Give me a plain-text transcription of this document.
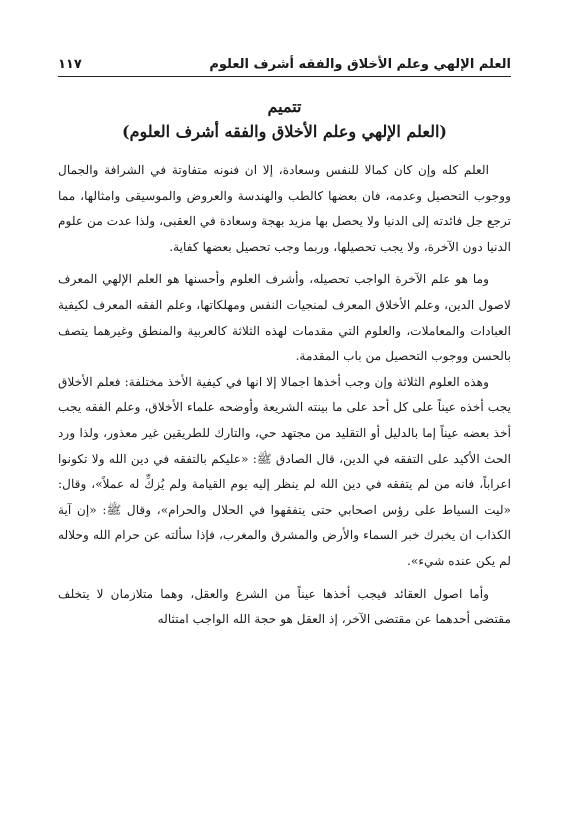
العلم الإلهي وعلم الأخلاق والفقه أشرف العلوم
١١٧
تتميم
(العلم الإلهي وعلم الأخلاق والفقه أشرف العلوم)

العلم كله وإن كان كمالا للنفس وسعادة، إلا ان فنونه متفاوتة في الشرافة والجمال ووجوب التحصيل وعدمه، فان بعضها كالطب والهندسة والعروض والموسيقى وامثالها، مما ترجع جل فائدته إلى الدنيا ولا يحصل بها مزيد بهجة وسعادة في العقبى، ولذا عدت من علوم الدنيا دون الآخرة، ولا يجب تحصيلها، وربما وجب تحصيل بعضها كفاية.

وما هو علم الآخرة الواجب تحصيله، وأشرف العلوم وأحسنها هو العلم الإلهي المعرف لاصول الدين، وعلم الأخلاق المعرف لمنجيات النفس ومهلكاتها، وعلم الفقه المعرف لكيفية العبادات والمعاملات، والعلوم التي مقدمات لهذه الثلاثة كالعربية والمنطق وغيرهما يتصف بالحسن ووجوب التحصيل من باب المقدمة.

وهذه العلوم الثلاثة وإن وجب أخذها اجمالا إلا انها في كيفية الأخذ مختلفة: فعلم الأخلاق يجب أخذه عيناً على كل أحد على ما بينته الشريعة وأوضحه علماء الأخلاق، وعلم الفقه يجب أخذ بعضه عيناً إما بالدليل أو التقليد من مجتهد حي، والتارك للطريقين غير معذور، ولذا ورد الحث الأكيد على التفقه في الدين، قال الصادق ﷺ: «عليكم بالتفقه في دين الله ولا تكونوا اعراباً، فانه من لم يتفقه في دين الله لم ينظر إليه يوم القيامة ولم يُزكِّ له عملاً»، وقال: «ليت السياط على رؤس اصحابي حتى يتفقهوا في الحلال والحرام»، وقال ﷺ: «إن آية الكذاب ان يخبرك خبر السماء والأرض والمشرق والمغرب، فإذا سألته عن حرام الله وحلاله لم يكن عنده شيء».

وأما اصول العقائد فيجب أخذها عيناً من الشرع والعقل، وهما متلازمان لا يتخلف مقتضى أحدهما عن مقتضى الآخر، إذ العقل هو حجة الله الواجب امتثاله
